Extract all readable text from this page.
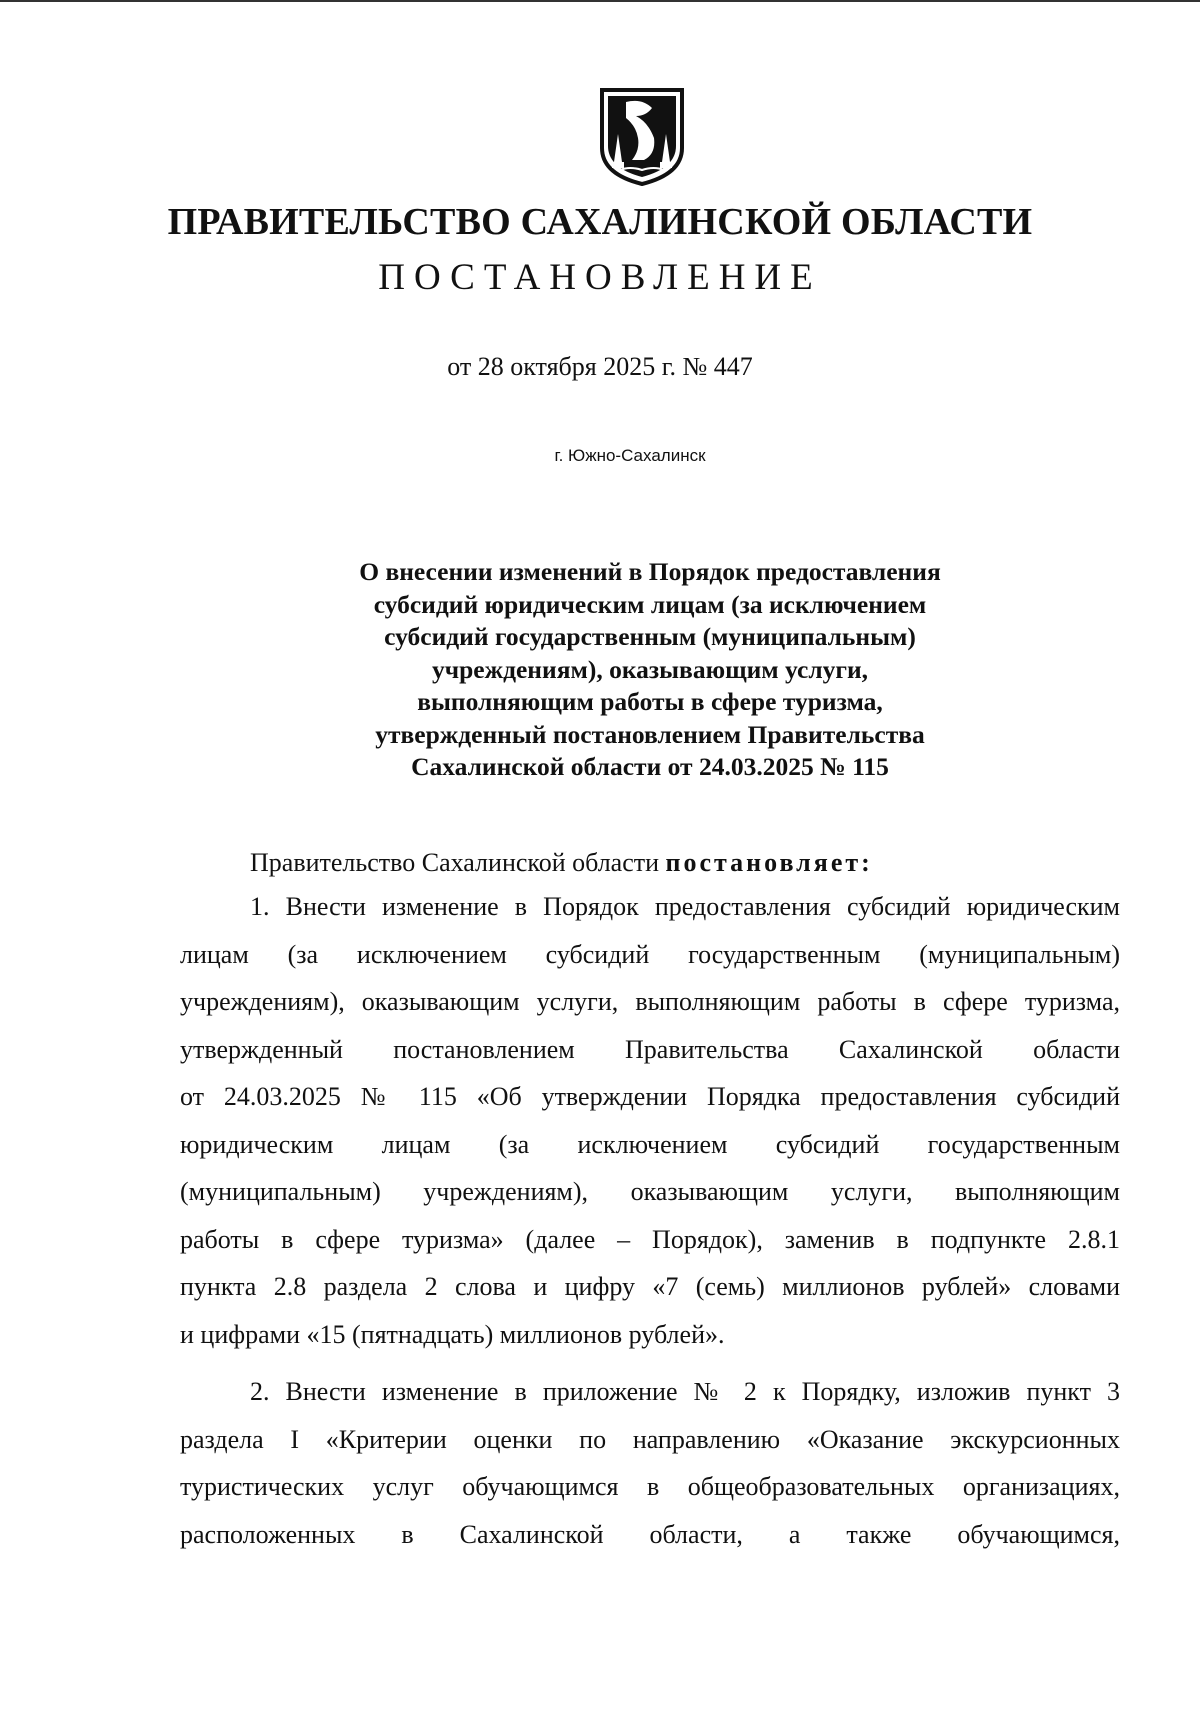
ПРАВИТЕЛЬСТВО САХАЛИНСКОЙ ОБЛАСТИ
ПОСТАНОВЛЕНИЕ
от 28 октября 2025 г. № 447
г. Южно-Сахалинск
О внесении изменений в Порядок предоставления
субсидий юридическим лицам (за исключением
субсидий государственным (муниципальным)
учреждениям), оказывающим услуги,
выполняющим работы в сфере туризма,
утвержденный постановлением Правительства
Сахалинской области от 24.03.2025 № 115
Правительство Сахалинской области постановляет:
1. Внести изменение в Порядок предоставления субсидий юридическим
лицам (за исключением субсидий государственным (муниципальным)
учреждениям), оказывающим услуги, выполняющим работы в сфере туризма,
утвержденный постановлением Правительства Сахалинской области
от 24.03.2025 № 115 «Об утверждении Порядка предоставления субсидий
юридическим лицам (за исключением субсидий государственным
(муниципальным) учреждениям), оказывающим услуги, выполняющим
работы в сфере туризма» (далее – Порядок), заменив в подпункте 2.8.1
пункта 2.8 раздела 2 слова и цифру «7 (семь) миллионов рублей» словами
и цифрами «15 (пятнадцать) миллионов рублей».
2. Внести изменение в приложение № 2 к Порядку, изложив пункт 3
раздела I «Критерии оценки по направлению «Оказание экскурсионных
туристических услуг обучающимся в общеобразовательных организациях,
расположенных в Сахалинской области, а также обучающимся,
